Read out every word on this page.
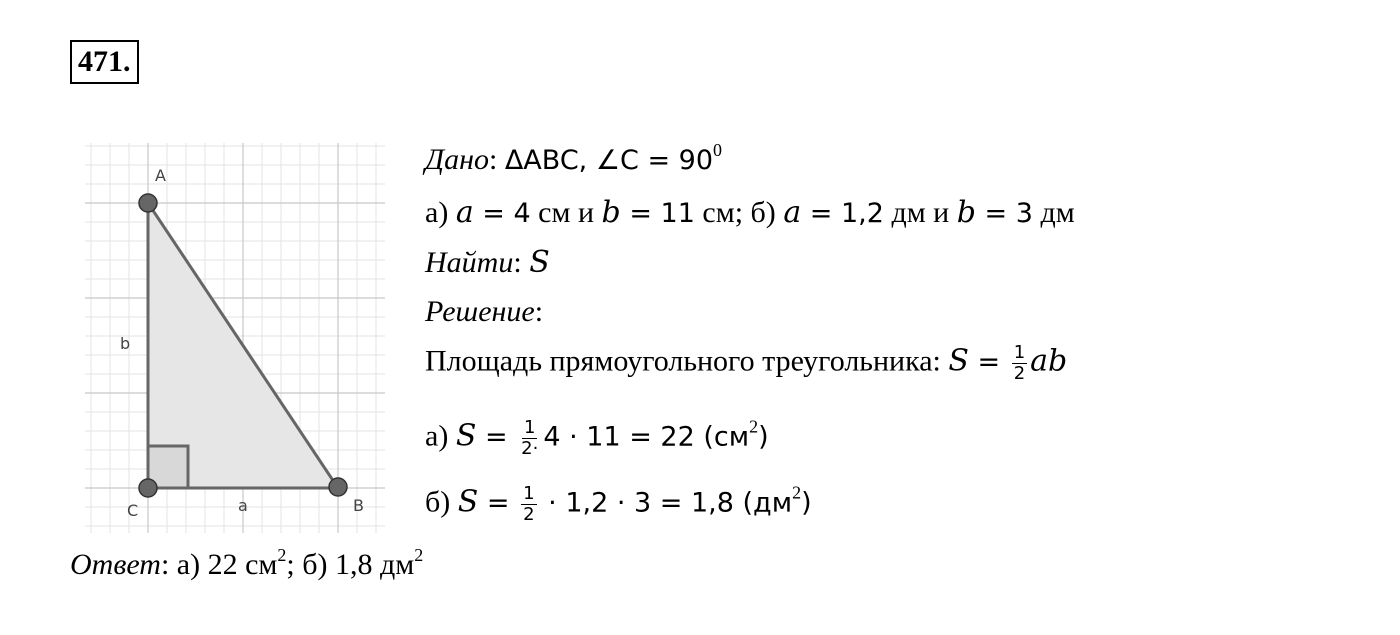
471.
A
C	B
a
b
Дано: ΔABC, ∠C = $90^0$
а) a = 4 см и b = 11 см; б) a = 1,2 дм и b = 3 дм
Найти: S
Решение:
Площадь прямоугольного треугольника: $S = \frac{1}{2}$ ab
а) $S = \frac{1}{2\cdot} 4 \cdot 11 = 22$ $(см^2)$
б) $S = \frac{1}{2} \cdot 1,2 \cdot 3 = 1,8$ $(дм^2)$
Ответ: а) 22 $см^2$; б) 1,8 $дм^2$
